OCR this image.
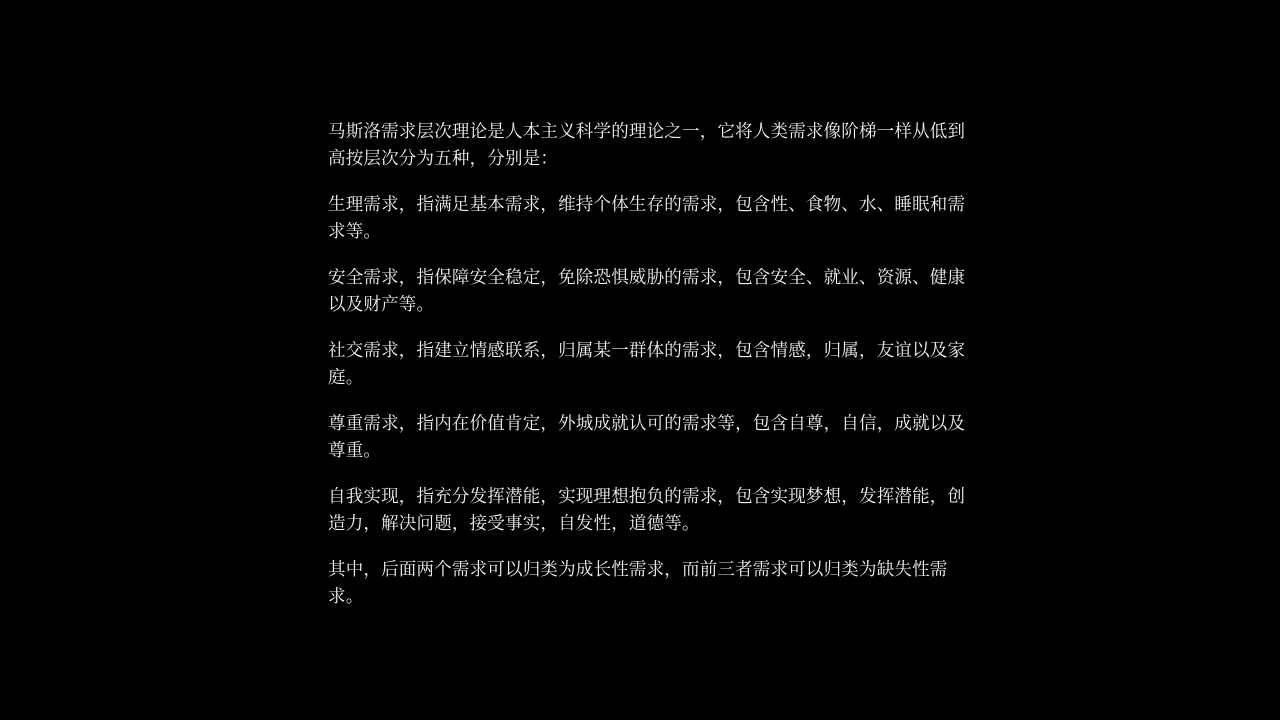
马斯洛需求层次理论是人本主义科学的理论之一，它将人类需求像阶梯一样从低到高按层次分为五种，分别是：

生理需求，指满足基本需求，维持个体生存的需求，包含性、食物、水、睡眠和需求等。

安全需求，指保障安全稳定，免除恐惧威胁的需求，包含安全、就业、资源、健康以及财产等。

社交需求，指建立情感联系，归属某一群体的需求，包含情感，归属，友谊以及家庭。

尊重需求，指内在价值肯定，外城成就认可的需求等，包含自尊，自信，成就以及尊重。

自我实现，指充分发挥潜能，实现理想抱负的需求，包含实现梦想，发挥潜能，创造力，解决问题，接受事实，自发性，道德等。

其中，后面两个需求可以归类为成长性需求，而前三者需求可以归类为缺失性需求。
